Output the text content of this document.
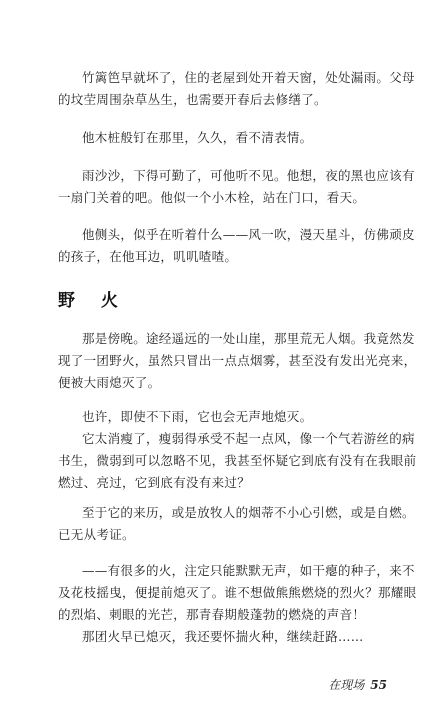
竹篱笆早就坏了，住的老屋到处开着天窗，处处漏雨。父母

的坟茔周围杂草丛生，也需要开春后去修缮了。

他木桩般钉在那里，久久，看不清表情。

雨沙沙，下得可勤了，可他听不见。他想，夜的黑也应该有

一扇门关着的吧。他似一个小木栓，站在门口，看天。

他侧头，似乎在听着什么——风一吹，漫天星斗，仿佛顽皮

的孩子，在他耳边，叽叽喳喳。

野 火

那是傍晚。途经遥远的一处山崖，那里荒无人烟。我竟然发

现了一团野火，虽然只冒出一点点烟雾，甚至没有发出光亮来，

便被大雨熄灭了。

也许，即使不下雨，它也会无声地熄灭。

它太消瘦了，瘦弱得承受不起一点风，像一个气若游丝的病

书生，微弱到可以忽略不见，我甚至怀疑它到底有没有在我眼前

燃过、亮过，它到底有没有来过？

至于它的来历，或是放牧人的烟蒂不小心引燃，或是自燃。

已无从考证。

——有很多的火，注定只能默默无声，如干瘪的种子，来不

及花枝摇曳，便提前熄灭了。谁不想做熊熊燃烧的烈火？那耀眼

的烈焰、刺眼的光芒，那青春期般蓬勃的燃烧的声音！

那团火早已熄灭，我还要怀揣火种，继续赶路……

在现场 55
